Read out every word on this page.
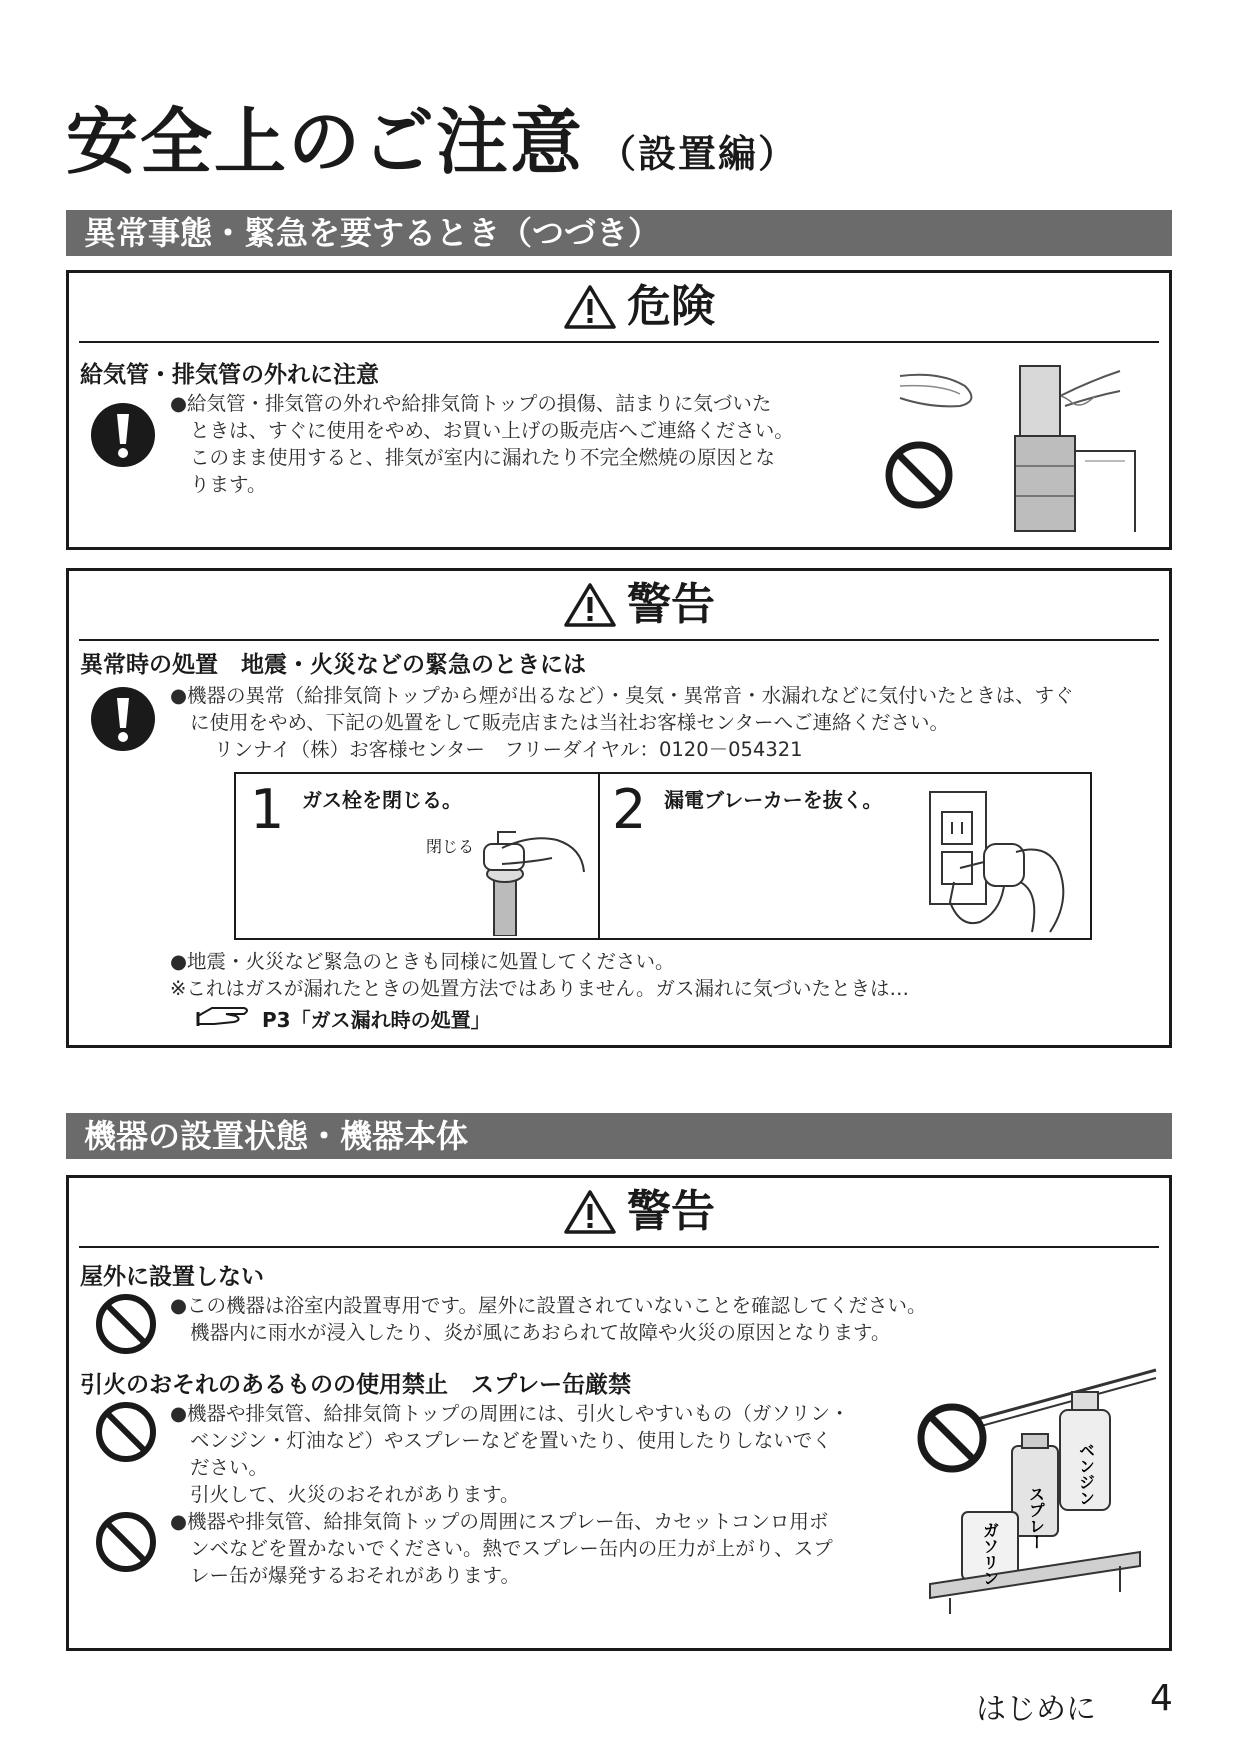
安全上のご注意 （設置編）
異常事態・緊急を要するとき（つづき）
危険
給気管・排気管の外れに注意

●給気管・排気管の外れや給排気筒トップの損傷、詰まりに気づいた

ときは、すぐに使用をやめ、お買い上げの販売店へご連絡ください。

このまま使用すると、排気が室内に漏れたり不完全燃焼の原因とな

ります。

警告
異常時の処置　地震・火災などの緊急のときには

●機器の異常（給排気筒トップから煙が出るなど）・臭気・異常音・水漏れなどに気付いたときは、すぐ

に使用をやめ、下記の処置をして販売店または当社お客様センターへご連絡ください。

リンナイ（株）お客様センター　フリーダイヤル：0120－054321

1 ガス栓を閉じる。
閉じる
2 漏電ブレーカーを抜く。

●地震・火災など緊急のときも同様に処置してください。

※これはガスが漏れたときの処置方法ではありません。ガス漏れに気づいたときは…

P3「ガス漏れ時の処置」
機器の設置状態・機器本体
警告
屋外に設置しない

●この機器は浴室内設置専用です。屋外に設置されていないことを確認してください。

機器内に雨水が浸入したり、炎が風にあおられて故障や火災の原因となります。

引火のおそれのあるものの使用禁止　スプレー缶厳禁

●機器や排気管、給排気筒トップの周囲には、引火しやすいもの（ガソリン・

ベンジン・灯油など）やスプレーなどを置いたり、使用したりしないでく

ださい。

引火して、火災のおそれがあります。

●機器や排気管、給排気筒トップの周囲にスプレー缶、カセットコンロ用ボ

ンベなどを置かないでください。熱でスプレー缶内の圧力が上がり、スプ

レー缶が爆発するおそれがあります。

スプレー
ベンジン
ガソリン
はじめに 4
